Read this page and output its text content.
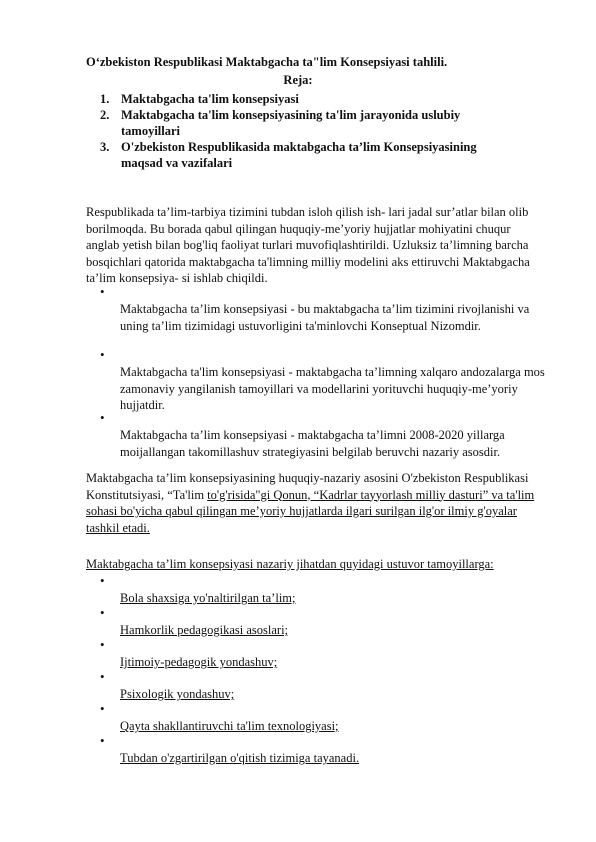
O‘zbekiston Respublikasi Maktabgacha ta"lim Konsepsiyasi tahlili.
Reja:
1. Maktabgacha ta'lim konsepsiyasi
2. Maktabgacha ta'lim konsepsiyasining ta'lim jarayonida uslubiy tamoyillari
3. O'zbekiston Respublikasida maktabgacha ta’lim Konsepsiyasining maqsad va vazifalari
Respublikada ta’lim-tarbiya tizimini tubdan isloh qilish ish- lari jadal sur’atlar bilan olib borilmoqda. Bu borada qabul qilingan huquqiy-me’yoriy hujjatlar mohiyatini chuqur anglab yetish bilan bog'liq faoliyat turlari muvofiqlashtirildi. Uzluksiz ta’limning barcha bosqichlari qatorida maktabgacha ta'limning milliy modelini aks ettiruvchi Maktabgacha ta’lim konsepsiya- si ishlab chiqildi.
•
Maktabgacha ta’lim konsepsiyasi - bu maktabgacha ta’lim tizimini rivojlanishi va uning ta’lim tizimidagi ustuvorligini ta'minlovchi Konseptual Nizomdir.
•
Maktabgacha ta'lim konsepsiyasi - maktabgacha ta’limning xalqaro andozalarga mos zamonaviy yangilanish tamoyillari va modellarini yorituvchi huquqiy-me’yoriy hujjatdir.
•
Maktabgacha ta’lim konsepsiyasi - maktabgacha ta’limni 2008-2020 yillarga moijallangan takomillashuv strategiyasini belgilab beruvchi nazariy asosdir.
Maktabgacha ta’lim konsepsiyasining huquqiy-nazariy asosini O'zbekiston Respublikasi Konstitutsiyasi, “Ta'lim to'g'risida"gi Qonun, “Kadrlar tayyorlash milliy dasturi” va ta'lim sohasi bo'yicha qabul qilingan me’yoriy hujjatlarda ilgari surilgan ilg'or ilmiy g'oyalar tashkil etadi.
Maktabgacha ta’lim konsepsiyasi nazariy jihatdan quyidagi ustuvor tamoyillarga:
•
Bola shaxsiga yo'naltirilgan ta’lim;
•
Hamkorlik pedagogikasi asoslari;
•
Ijtimoiy-pedagogik yondashuv;
•
Psixologik yondashuv;
•
Qayta shakllantiruvchi ta'lim texnologiyasi;
•
Tubdan o'zgartirilgan o'qitish tizimiga tayanadi.
